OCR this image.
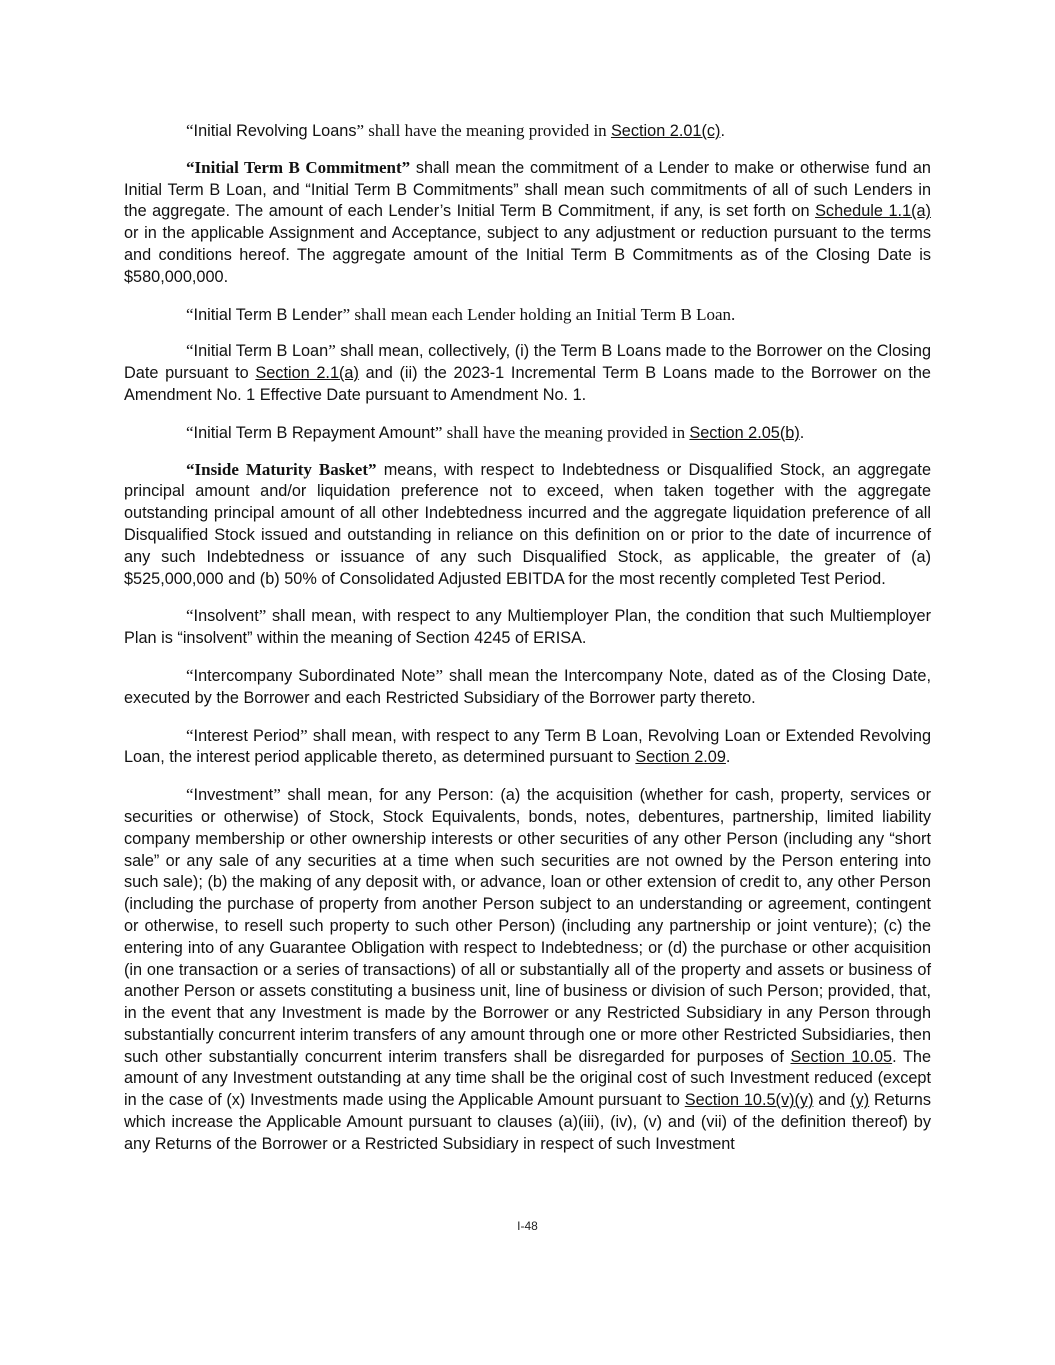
“Initial Revolving Loans” shall have the meaning provided in Section 2.01(c).

“Initial Term B Commitment” shall mean the commitment of a Lender to make or otherwise fund an Initial Term B Loan, and “Initial Term B Commitments” shall mean such commitments of all of such Lenders in the aggregate. The amount of each Lender’s Initial Term B Commitment, if any, is set forth on Schedule 1.1(a) or in the applicable Assignment and Acceptance, subject to any adjustment or reduction pursuant to the terms and conditions hereof. The aggregate amount of the Initial Term B Commitments as of the Closing Date is $580,000,000.

“Initial Term B Lender” shall mean each Lender holding an Initial Term B Loan.

“Initial Term B Loan” shall mean, collectively, (i) the Term B Loans made to the Borrower on the Closing Date pursuant to Section 2.1(a) and (ii) the 2023-1 Incremental Term B Loans made to the Borrower on the Amendment No. 1 Effective Date pursuant to Amendment No. 1.

“Initial Term B Repayment Amount” shall have the meaning provided in Section 2.05(b).

“Inside Maturity Basket” means, with respect to Indebtedness or Disqualified Stock, an aggregate principal amount and/or liquidation preference not to exceed, when taken together with the aggregate outstanding principal amount of all other Indebtedness incurred and the aggregate liquidation preference of all Disqualified Stock issued and outstanding in reliance on this definition on or prior to the date of incurrence of any such Indebtedness or issuance of any such Disqualified Stock, as applicable, the greater of (a) $525,000,000 and (b) 50% of Consolidated Adjusted EBITDA for the most recently completed Test Period.

“Insolvent” shall mean, with respect to any Multiemployer Plan, the condition that such Multiemployer Plan is “insolvent” within the meaning of Section 4245 of ERISA.

“Intercompany Subordinated Note” shall mean the Intercompany Note, dated as of the Closing Date, executed by the Borrower and each Restricted Subsidiary of the Borrower party thereto.

“Interest Period” shall mean, with respect to any Term B Loan, Revolving Loan or Extended Revolving Loan, the interest period applicable thereto, as determined pursuant to Section 2.09.

“Investment” shall mean, for any Person: (a) the acquisition (whether for cash, property, services or securities or otherwise) of Stock, Stock Equivalents, bonds, notes, debentures, partnership, limited liability company membership or other ownership interests or other securities of any other Person (including any “short sale” or any sale of any securities at a time when such securities are not owned by the Person entering into such sale); (b) the making of any deposit with, or advance, loan or other extension of credit to, any other Person (including the purchase of property from another Person subject to an understanding or agreement, contingent or otherwise, to resell such property to such other Person) (including any partnership or joint venture); (c) the entering into of any Guarantee Obligation with respect to Indebtedness; or (d) the purchase or other acquisition (in one transaction or a series of transactions) of all or substantially all of the property and assets or business of another Person or assets constituting a business unit, line of business or division of such Person; provided, that, in the event that any Investment is made by the Borrower or any Restricted Subsidiary in any Person through substantially concurrent interim transfers of any amount through one or more other Restricted Subsidiaries, then such other substantially concurrent interim transfers shall be disregarded for purposes of Section 10.05. The amount of any Investment outstanding at any time shall be the original cost of such Investment reduced (except in the case of (x) Investments made using the Applicable Amount pursuant to Section 10.5(v)(y) and (y) Returns which increase the Applicable Amount pursuant to clauses (a)(iii), (iv), (v) and (vii) of the definition thereof) by any Returns of the Borrower or a Restricted Subsidiary in respect of such Investment

I-48
